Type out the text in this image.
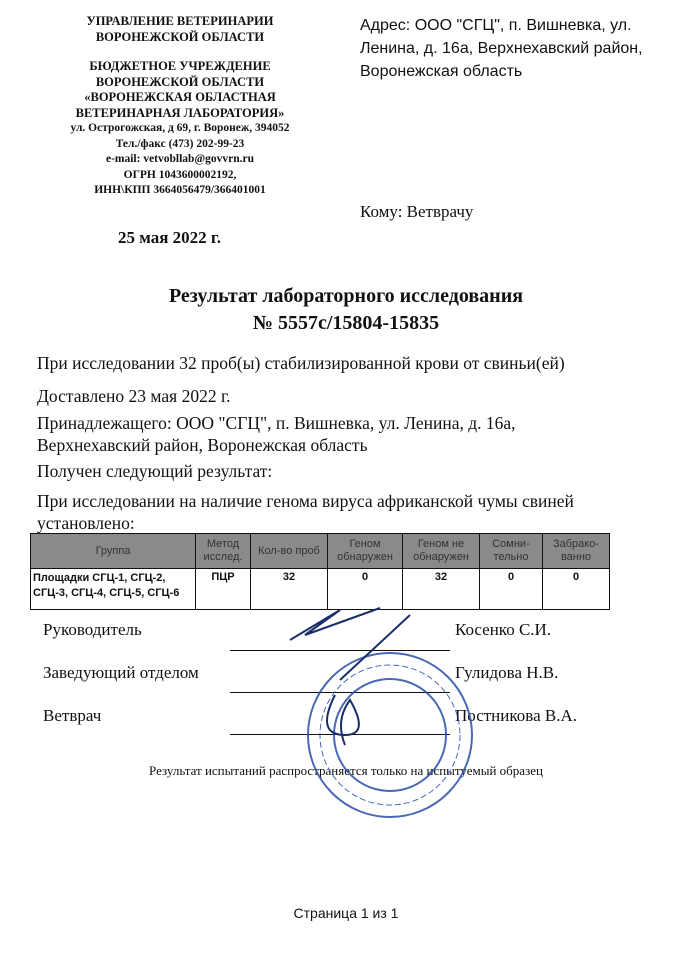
УПРАВЛЕНИЕ ВЕТЕРИНАРИИ
ВОРОНЕЖСКОЙ ОБЛАСТИ
БЮДЖЕТНОЕ УЧРЕЖДЕНИЕ
ВОРОНЕЖСКОЙ ОБЛАСТИ
«ВОРОНЕЖСКАЯ ОБЛАСТНАЯ
ВЕТЕРИНАРНАЯ ЛАБОРАТОРИЯ»
ул. Острогожская, д 69, г. Воронеж, 394052
Тел./факс (473) 202-99-23
e-mail: vetvobllab@govvrn.ru
ОГРН 1043600002192,
ИНН\КПП 3664056479/366401001
Адрес: ООО "СГЦ", п. Вишневка, ул. Ленина, д. 16а, Верхнехавский район, Воронежская область
Кому: Ветврачу
25 мая 2022 г.
Результат лабораторного исследования
№ 5557с/15804-15835
При исследовании 32 проб(ы) стабилизированной крови от свиньи(ей)
Доставлено 23 мая 2022 г.
Принадлежащего: ООО "СГЦ", п. Вишневка, ул. Ленина, д. 16а, Верхнехавский район, Воронежская область
Получен следующий результат:
При исследовании на наличие генома вируса африканской чумы свиней установлено:
Группа	Метод исслед.	Кол-во проб	Геном обнаружен	Геном не обнаружен	Сомни-тельно	Забрако-ванно
Площадки СГЦ-1, СГЦ-2, СГЦ-3, СГЦ-4, СГЦ-5, СГЦ-6	ПЦР	32	0	32	0	0
Руководитель	Косенко С.И.
Заведующий отделом	Гулидова Н.В.
Ветврач	Постникова В.А.
Результат испытаний распространяется только на испытуемый образец
Страница 1 из 1
